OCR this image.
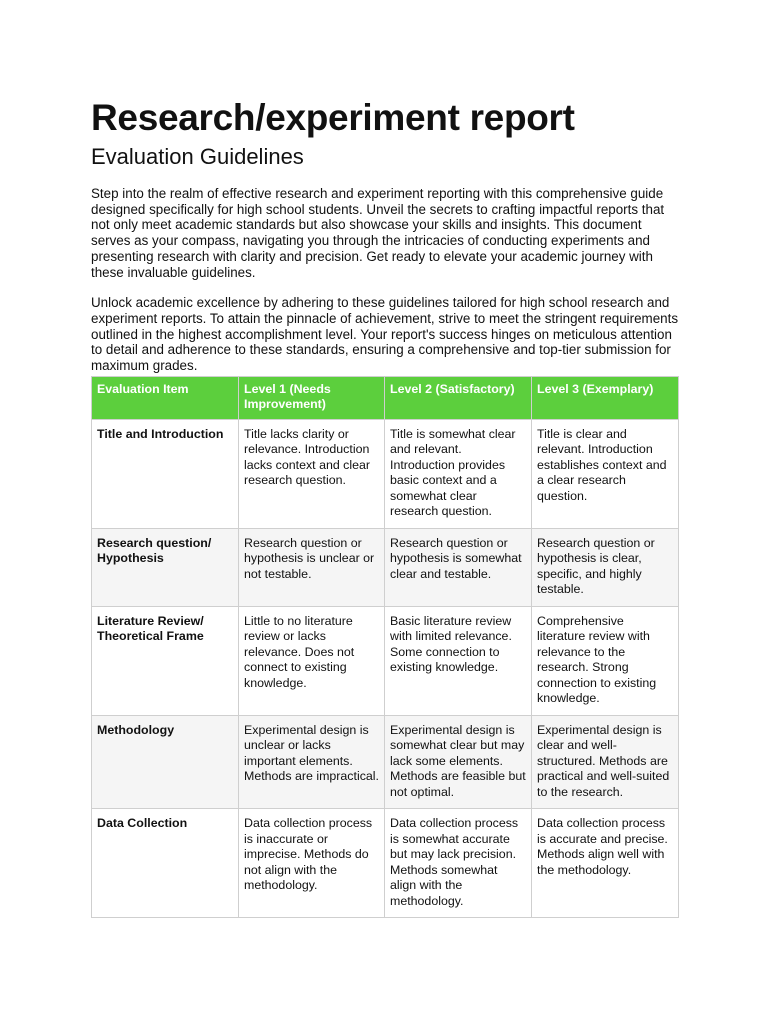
Research/experiment report
Evaluation Guidelines

Step into the realm of effective research and experiment reporting with this comprehensive guide designed specifically for high school students. Unveil the secrets to crafting impactful reports that not only meet academic standards but also showcase your skills and insights. This document serves as your compass, navigating you through the intricacies of conducting experiments and presenting research with clarity and precision. Get ready to elevate your academic journey with these invaluable guidelines.

Unlock academic excellence by adhering to these guidelines tailored for high school research and experiment reports. To attain the pinnacle of achievement, strive to meet the stringent requirements outlined in the highest accomplishment level. Your report's success hinges on meticulous attention to detail and adherence to these standards, ensuring a comprehensive and top-tier submission for maximum grades.

Evaluation Item	Level 1 (Needs Improvement)	Level 2 (Satisfactory)	Level 3 (Exemplary)
Title and Introduction	Title lacks clarity or relevance. Introduction lacks context and clear research question.	Title is somewhat clear and relevant. Introduction provides basic context and a somewhat clear research question.	Title is clear and relevant. Introduction establishes context and a clear research question.
Research question/ Hypothesis	Research question or hypothesis is unclear or not testable.	Research question or hypothesis is somewhat clear and testable.	Research question or hypothesis is clear, specific, and highly testable.
Literature Review/ Theoretical Frame	Little to no literature review or lacks relevance. Does not connect to existing knowledge.	Basic literature review with limited relevance. Some connection to existing knowledge.	Comprehensive literature review with relevance to the research. Strong connection to existing knowledge.
Methodology	Experimental design is unclear or lacks important elements. Methods are impractical.	Experimental design is somewhat clear but may lack some elements. Methods are feasible but not optimal.	Experimental design is clear and well-structured. Methods are practical and well-suited to the research.
Data Collection	Data collection process is inaccurate or imprecise. Methods do not align with the methodology.	Data collection process is somewhat accurate but may lack precision. Methods somewhat align with the methodology.	Data collection process is accurate and precise. Methods align well with the methodology.
